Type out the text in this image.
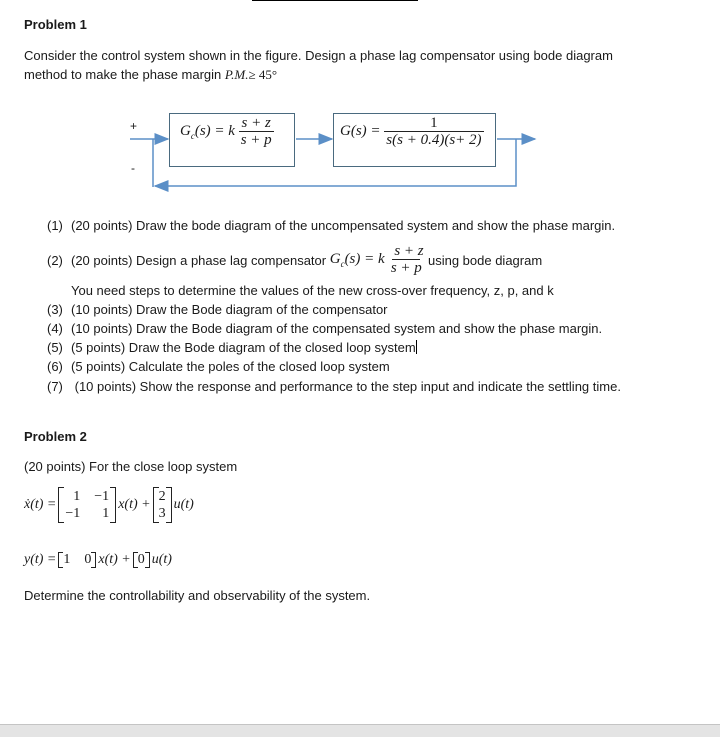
Problem 1
Consider the control system shown in the figure. Design a phase lag compensator using bode diagram
method to make the phase margin P.M.≥ 45°
+
-
$G_c(s) = k \frac{s + z}{s + p}$	$G(s) = \frac{1}{s(s + 0.4)(s+ 2)}$
(1) (20 points) Draw the bode diagram of the uncompensated system and show the phase margin.
(2) (20 points) Design a phase lag compensator $G_c(s) = k \frac{s + z}{s + p}$ using bode diagram
You need steps to determine the values of the new cross-over frequency, z, p, and k
(3) (10 points) Draw the Bode diagram of the compensator
(4) (10 points) Draw the Bode diagram of the compensated system and show the phase margin.
(5) (5 points) Draw the Bode diagram of the closed loop system
(6) (5 points) Calculate the poles of the closed loop system
(7) (10 points) Show the response and performance to the step input and indicate the settling time.
Problem 2
(20 points) For the close loop system
ẋ(t) =
1 −1
−1	1
x(t) +
2
3
u(t)
y(t) = 1 0 x(t) + 0 u(t)
Determine the controllability and observability of the system.
